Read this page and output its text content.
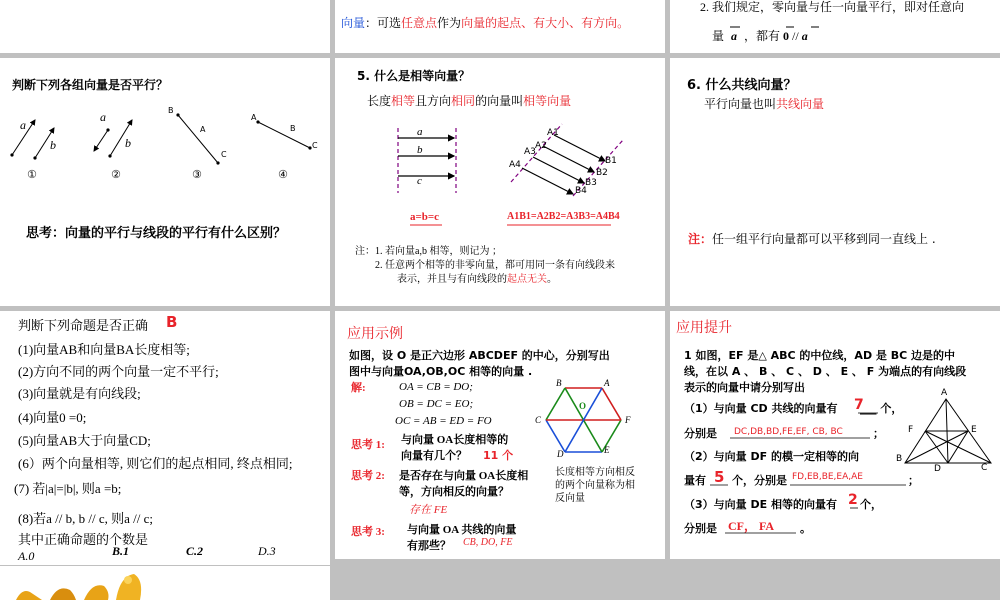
向量：可选任意点作为向量的起点、有大小、有方向。
2. 我们规定，零向量与任一向量平行，即对任意向
量 a ，都有 0 // a
判断下列各组向量是否平行？
a
b
a
b
B
A
C
A
B
C
①	②	③	④
思考：向量的平行与线段的平行有什么区别？
5. 什么是相等向量？
长度相等且方向相同的向量叫相等向量
a
b
c
A1
A2
A3
A4	B1
B2
B3
B4
a=b=c	A1B1=A2B2=A3B3=A4B4
注：1. 若向量a,b 相等，则记为 ；
2. 任意两个相等的非零向量，都可用同一条有向线段来
表示，并且与有向线段的起点无关。
6. 什么共线向量？
平行向量也叫共线向量
注：任一组平行向量都可以平移到同一直线上 .
判断下列命题是否正确 B
(1)向量AB和向量BA长度相等;
(2)方向不同的两个向量一定不平行;
(3)向量就是有向线段;
(4)向量0 =0;
(5)向量AB大于向量CD;
(6）两个向量相等, 则它们的起点相同, 终点相同;
(7) 若|a|=|b|, 则a =b;
(8)若a // b, b // c, 则a // c;
其中正确命题的个数是
A.0	B.1	C.2	D.3
应用示例
如图，设 O 是正六边形 ABCDEF 的中心，分别写出
图中与向量OA,OB,OC 相等的向量 .
解:	OA = CB = DO;
OB = DC = EO;
OC = AB = ED = FO
思考 1: 与向量 OA长度相等的
向量有几个？ 11 个
思考 2: 是否存在与向量 OA长度相
等，方向相反的向量？
存在 FE
思考 3: 与向量 OA 共线的向量
有那些？ CB, DO, FE
B	A
C	F
D	E
O
长度相等方向相反
的两个向量称为相
反向量
应用提升
1 如图，EF 是△ ABC 的中位线，AD 是 BC 边是的中
线，在以 A 、 B 、 C 、 D 、 E 、 F 为端点的有向线段
表示的向量中请分别写出
（1）与向量 CD 共线的向量有 7
___ 个，
分别是 DC,DB,BD,FE,EF, CB, BC	；
（2）与向量 DF 的模一定相等的向
量有 5 个，分别是 FD,EB,BE,EA,AE	；
（3）与向量 DE 相等的向量有 2 个，
分别是 CF， FA 。
A
B
C
D
E
F
